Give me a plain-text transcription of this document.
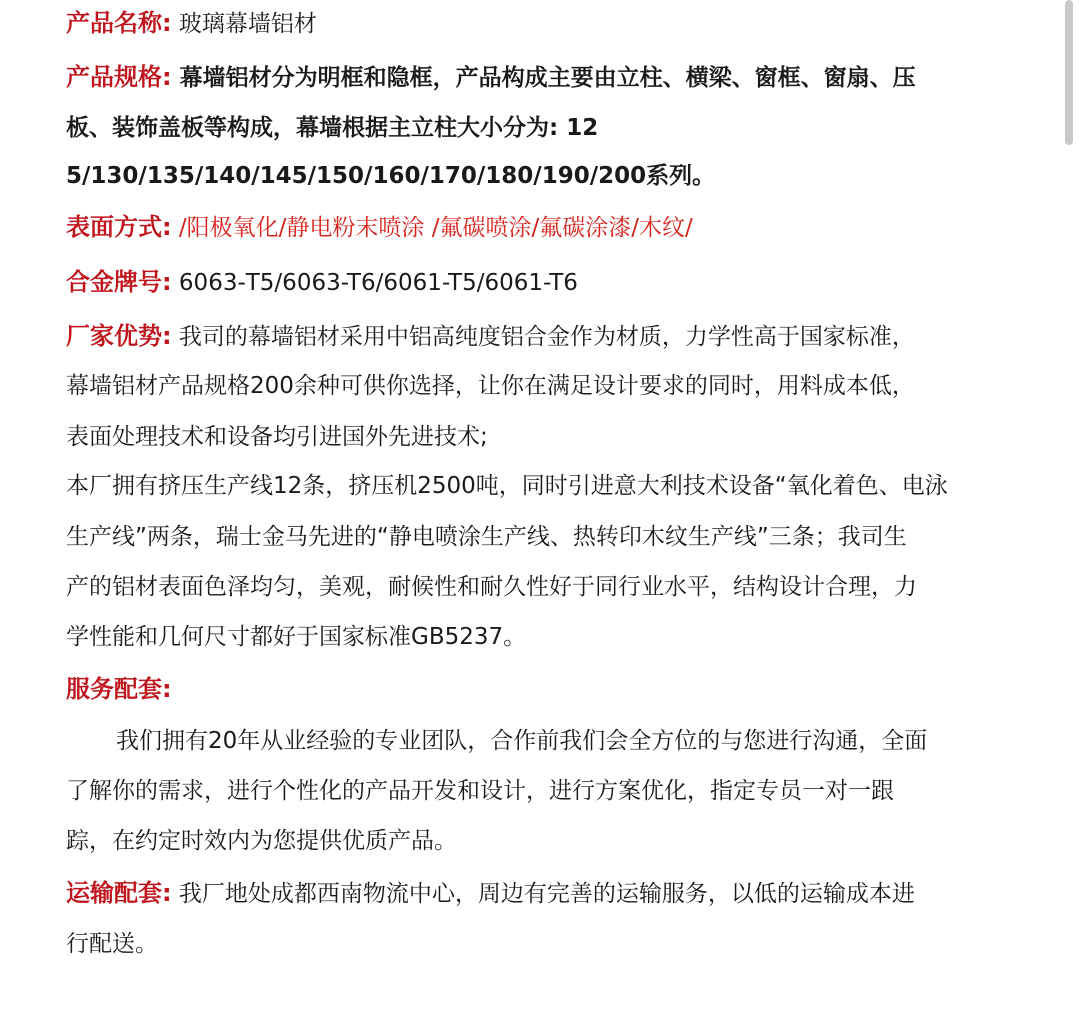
产品名称: 玻璃幕墙铝材
产品规格: 幕墙铝材分为明框和隐框，产品构成主要由立柱、横梁、窗框、窗扇、压
板、装饰盖板等构成，幕墙根据主立柱大小分为: 12
5/130/135/140/145/150/160/170/180/190/200系列。
表面方式: /阳极氧化/静电粉末喷涂 /氟碳喷涂/氟碳涂漆/木纹/
合金牌号: 6063-T5/6063-T6/6061-T5/6061-T6
厂家优势: 我司的幕墙铝材采用中铝高纯度铝合金作为材质，力学性高于国家标准，
幕墙铝材产品规格200余种可供你选择，让你在满足设计要求的同时，用料成本低，
表面处理技术和设备均引进国外先进技术;
本厂拥有挤压生产线12条，挤压机2500吨，同时引进意大利技术设备“氧化着色、电泳
生产线”两条，瑞士金马先进的“静电喷涂生产线、热转印木纹生产线”三条；我司生
产的铝材表面色泽均匀，美观，耐候性和耐久性好于同行业水平，结构设计合理，力
学性能和几何尺寸都好于国家标准GB5237。
服务配套:
我们拥有20年从业经验的专业团队，合作前我们会全方位的与您进行沟通，全面
了解你的需求，进行个性化的产品开发和设计，进行方案优化，指定专员一对一跟
踪，在约定时效内为您提供优质产品。
运输配套: 我厂地处成都西南物流中心，周边有完善的运输服务，以低的运输成本进
行配送。
